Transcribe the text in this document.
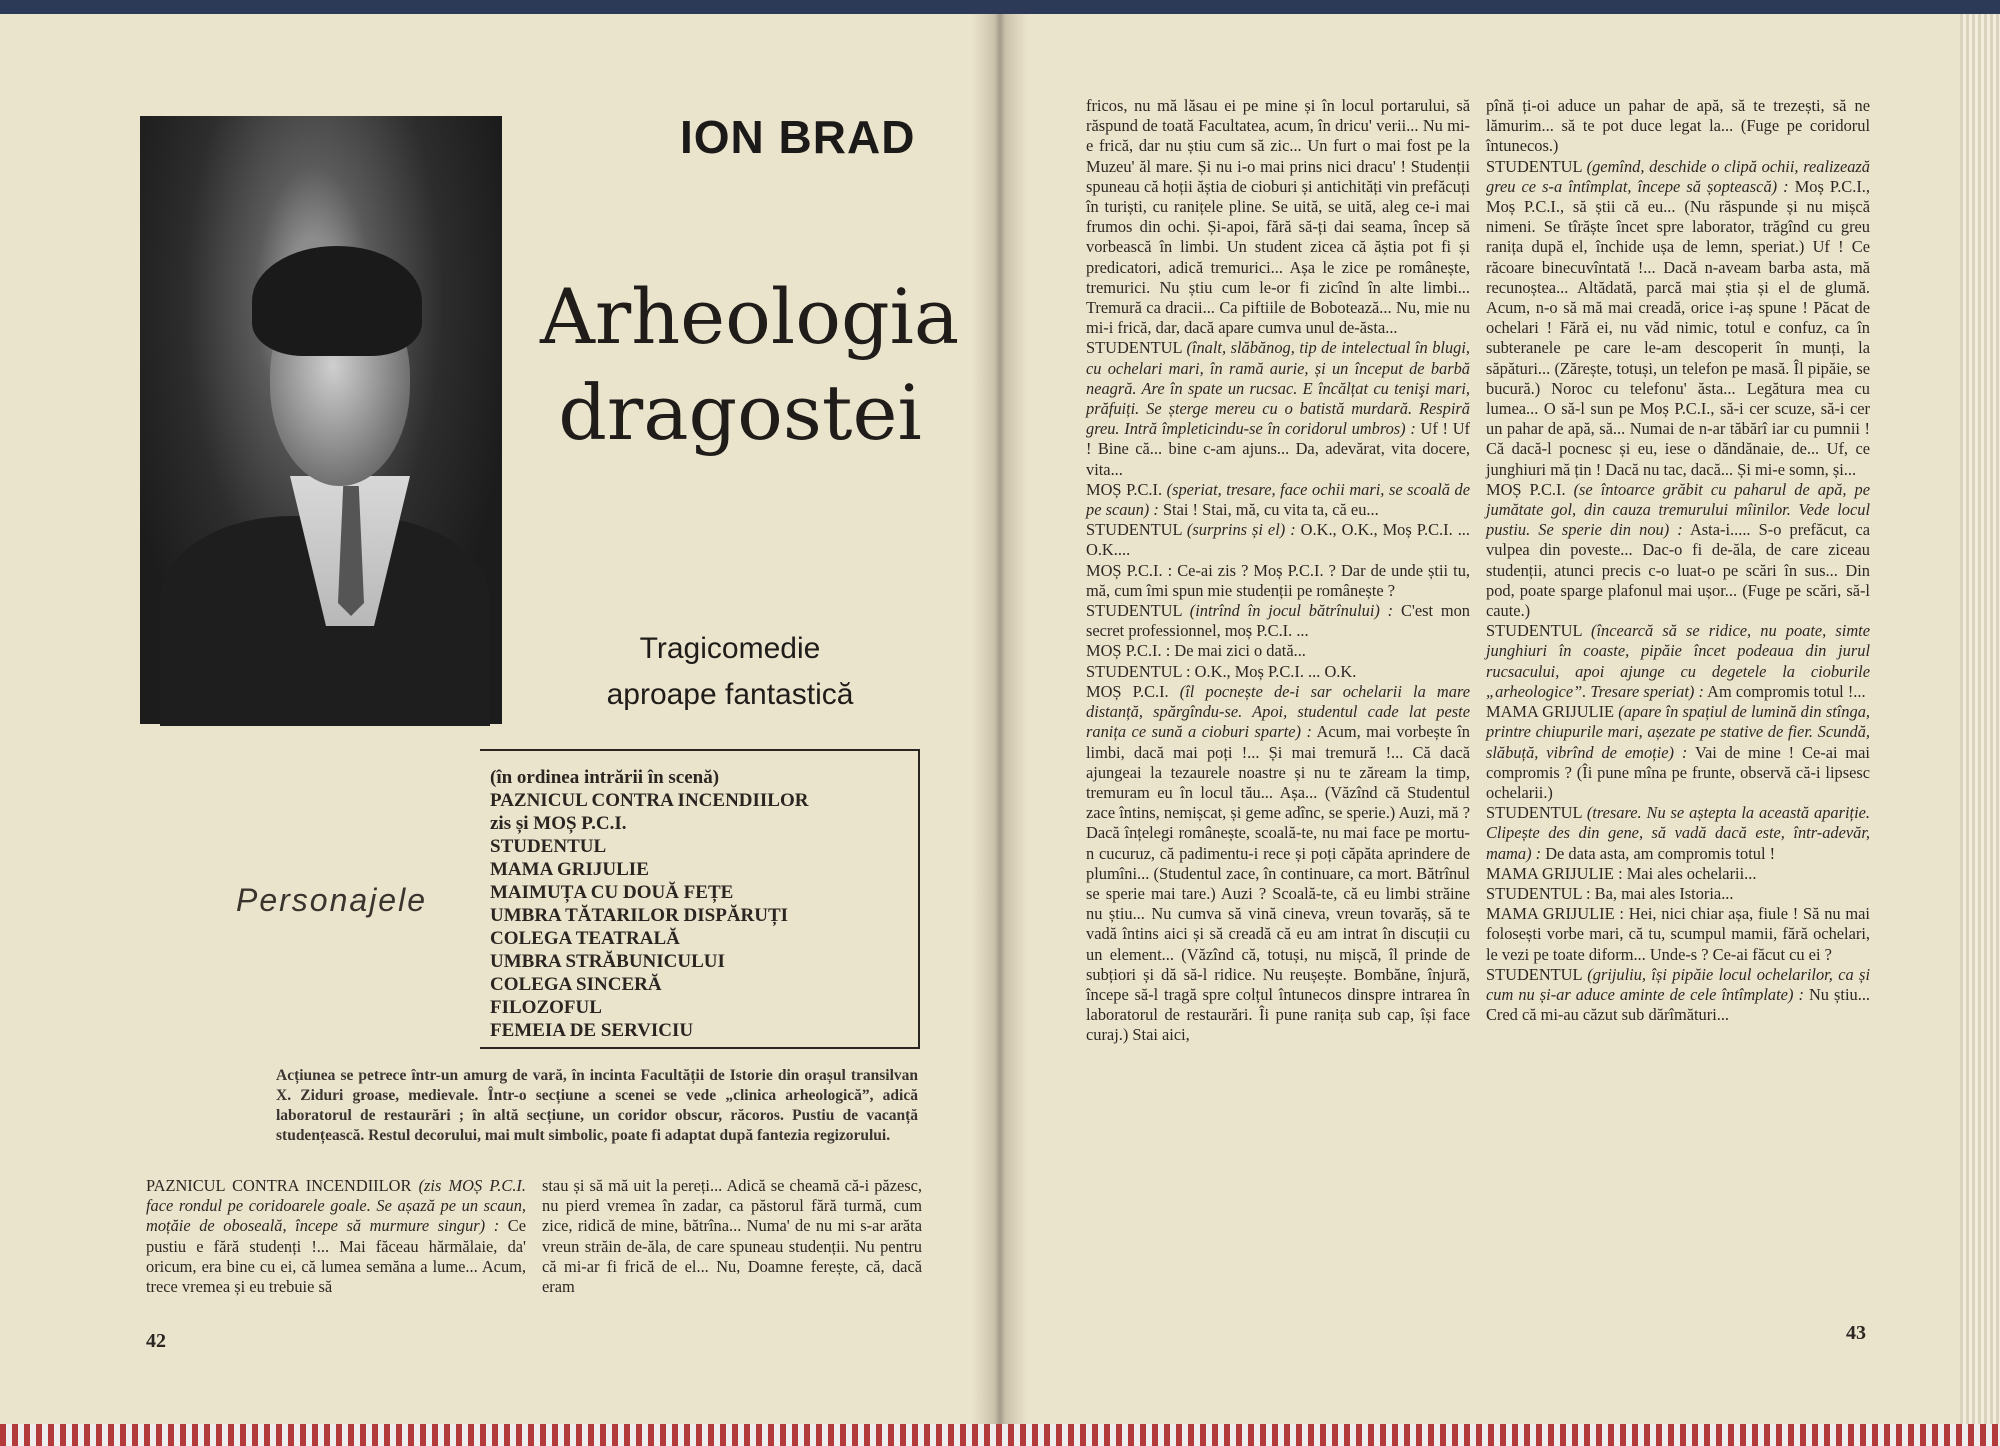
ION BRAD
Arheologia
dragostei
Tragicomedie
aproape fantastică
Personajele
(în ordinea intrării în scenă)
PAZNICUL CONTRA INCENDIILOR
zis și MOȘ P.C.I.
STUDENTUL
MAMA GRIJULIE
MAIMUȚA CU DOUĂ FEȚE
UMBRA TĂTARILOR DISPĂRUȚI
COLEGA TEATRALĂ
UMBRA STRĂBUNICULUI
COLEGA SINCERĂ
FILOZOFUL
FEMEIA DE SERVICIU
Acțiunea se petrece într-un amurg de vară, în incinta Facultății de Istorie din orașul transilvan X. Ziduri groase, medievale. Într-o secțiune a scenei se vede „clinica arheologică”, adică laboratorul de restaurări ; în altă secțiune, un coridor obscur, răcoros. Pustiu de vacanță studențească. Restul decorului, mai mult simbolic, poate fi adaptat după fantezia regizorului.

PAZNICUL CONTRA INCENDIILOR (zis MOȘ P.C.I. face rondul pe coridoarele goale. Se așază pe un scaun, moțăie de oboseală, începe să murmure singur) : Ce pustiu e fără studenți !... Mai făceau hărmălaie, da' oricum, era bine cu ei, că lumea semăna a lume... Acum, trece vremea și eu trebuie să

stau și să mă uit la pereți... Adică se cheamă că-i păzesc, nu pierd vremea în zadar, ca păstorul fără turmă, cum zice, ridică de mine, bătrîna... Numa' de nu mi s-ar arăta vreun străin de-ăla, de care spuneau studenții. Nu pentru că mi-ar fi frică de el... Nu, Doamne ferește, că, dacă eram

42

fricos, nu mă lăsau ei pe mine și în locul portarului, să răspund de toată Facultatea, acum, în dricu' verii... Nu mi-e frică, dar nu știu cum să zic... Un furt o mai fost pe la Muzeu' ăl mare. Și nu i-o mai prins nici dracu' ! Studenții spuneau că hoții ăștia de cioburi și antichități vin prefăcuți în turiști, cu ranițele pline. Se uită, se uită, aleg ce-i mai frumos din ochi. Și-apoi, fără să-ți dai seama, încep să vorbească în limbi. Un student zicea că ăștia pot fi și predicatori, adică tremurici... Așa le zice pe românește, tremurici. Nu știu cum le-or fi zicînd în alte limbi... Tremură ca dracii... Ca piftiile de Bobotează... Nu, mie nu mi-i frică, dar, dacă apare cumva unul de-ăsta...

STUDENTUL (înalt, slăbănog, tip de intelectual în blugi, cu ochelari mari, în ramă aurie, și un început de barbă neagră. Are în spate un rucsac. E încălțat cu tenişi mari, prăfuiți. Se șterge mereu cu o batistă murdară. Respiră greu. Intră împleticindu-se în coridorul umbros) : Uf ! Uf ! Bine că... bine c-am ajuns... Da, adevărat, vita docere, vita...

MOȘ P.C.I. (speriat, tresare, face ochii mari, se scoală de pe scaun) : Stai ! Stai, mă, cu vita ta, că eu...

STUDENTUL (surprins și el) : O.K., O.K., Moș P.C.I. ... O.K....

MOȘ P.C.I. : Ce-ai zis ? Moș P.C.I. ? Dar de unde știi tu, mă, cum îmi spun mie studenții pe românește ?

STUDENTUL (intrînd în jocul bătrînului) : C'est mon secret professionnel, moș P.C.I. ...

MOȘ P.C.I. : De mai zici o dată...

STUDENTUL : O.K., Moș P.C.I. ... O.K.

MOȘ P.C.I. (îl pocnește de-i sar ochelarii la mare distanță, spărgîndu-se. Apoi, studentul cade lat peste ranița ce sună a cioburi sparte) : Acum, mai vorbește în limbi, dacă mai poți !... Și mai tremură !... Că dacă ajungeai la tezaurele noastre și nu te zăream la timp, tremuram eu în locul tău... Așa... (Văzînd că Studentul zace întins, nemișcat, și geme adînc, se sperie.) Auzi, mă ? Dacă înțelegi românește, scoală-te, nu mai face pe mortu-n cucuruz, că padimentu-i rece și poți căpăta aprindere de plumîni... (Studentul zace, în continuare, ca mort. Bătrînul se sperie mai tare.) Auzi ? Scoală-te, că eu limbi străine nu știu... Nu cumva să vină cineva, vreun tovarăș, să te vadă întins aici și să creadă că eu am intrat în discuții cu un element... (Văzînd că, totuși, nu mișcă, îl prinde de subțiori și dă să-l ridice. Nu reușește. Bombăne, înjură, începe să-l tragă spre colțul întunecos dinspre intrarea în laboratorul de restaurări. Îi pune ranița sub cap, își face curaj.) Stai aici,

pînă ți-oi aduce un pahar de apă, să te trezești, să ne lămurim... să te pot duce legat la... (Fuge pe coridorul întunecos.)

STUDENTUL (gemînd, deschide o clipă ochii, realizează greu ce s-a întîmplat, începe să șoptească) : Moș P.C.I., Moș P.C.I., să știi că eu... (Nu răspunde și nu mișcă nimeni. Se tîrăște încet spre laborator, trăgînd cu greu ranița după el, închide ușa de lemn, speriat.) Uf ! Ce răcoare binecuvîntată !... Dacă n-aveam barba asta, mă recunoștea... Altădată, parcă mai știa și el de glumă. Acum, n-o să mă mai creadă, orice i-aș spune ! Păcat de ochelari ! Fără ei, nu văd nimic, totul e confuz, ca în subteranele pe care le-am descoperit în munți, la săpături... (Zărește, totuși, un telefon pe masă. Îl pipăie, se bucură.) Noroc cu telefonu' ăsta... Legătura mea cu lumea... O să-l sun pe Moș P.C.I., să-i cer scuze, să-i cer un pahar de apă, să... Numai de n-ar tăbărî iar cu pumnii ! Că dacă-l pocnesc și eu, iese o dăndănaie, de... Uf, ce junghiuri mă țin ! Dacă nu tac, dacă... Și mi-e somn, și...

MOȘ P.C.I. (se întoarce grăbit cu paharul de apă, pe jumătate gol, din cauza tremurului mîinilor. Vede locul pustiu. Se sperie din nou) : Asta-i..... S-o prefăcut, ca vulpea din poveste... Dac-o fi de-ăla, de care ziceau studenții, atunci precis c-o luat-o pe scări în sus... Din pod, poate sparge plafonul mai ușor... (Fuge pe scări, să-l caute.)

STUDENTUL (încearcă să se ridice, nu poate, simte junghiuri în coaste, pipăie încet podeaua din jurul rucsacului, apoi ajunge cu degetele la cioburile „arheologice”. Tresare speriat) : Am compromis totul !...

MAMA GRIJULIE (apare în spațiul de lumină din stînga, printre chiupurile mari, așezate pe stative de fier. Scundă, slăbuță, vibrînd de emoție) : Vai de mine ! Ce-ai mai compromis ? (Îi pune mîna pe frunte, observă că-i lipsesc ochelarii.)

STUDENTUL (tresare. Nu se aștepta la această apariție. Clipește des din gene, să vadă dacă este, într-adevăr, mama) : De data asta, am compromis totul !

MAMA GRIJULIE : Mai ales ochelarii...

STUDENTUL : Ba, mai ales Istoria...

MAMA GRIJULIE : Hei, nici chiar așa, fiule ! Să nu mai folosești vorbe mari, că tu, scumpul mamii, fără ochelari, le vezi pe toate diform... Unde-s ? Ce-ai făcut cu ei ?

STUDENTUL (grijuliu, își pipăie locul ochelarilor, ca și cum nu și-ar aduce aminte de cele întîmplate) : Nu știu... Cred că mi-au căzut sub dărîmături...

43
